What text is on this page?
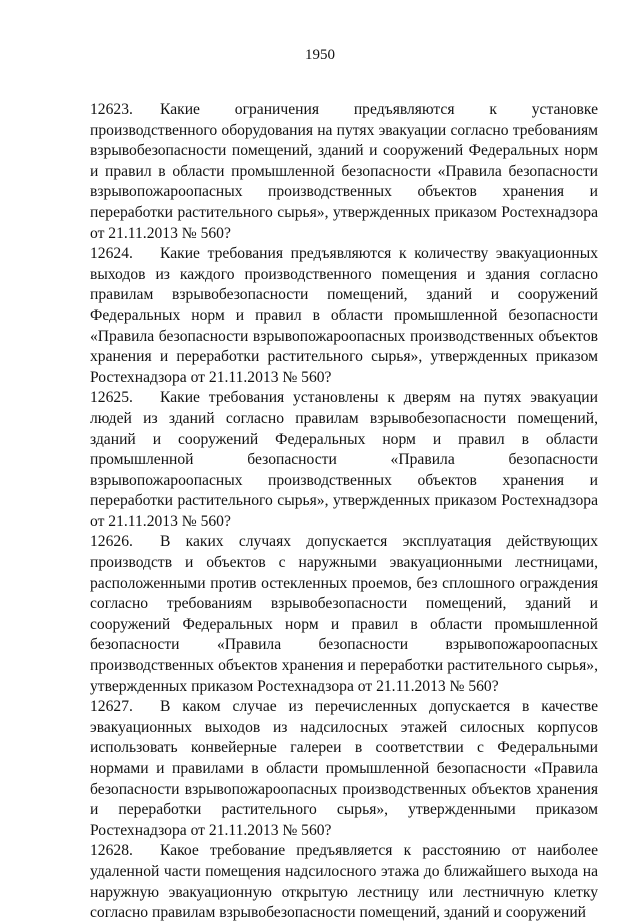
1950

12623. Какие ограничения предъявляются к установке производственного оборудования на путях эвакуации согласно требованиям взрывобезопасности помещений, зданий и сооружений Федеральных норм и правил в области промышленной безопасности «Правила безопасности взрывопожароопасных производственных объектов хранения и переработки растительного сырья», утвержденных приказом Ростехнадзора от 21.11.2013 № 560?

12624. Какие требования предъявляются к количеству эвакуационных выходов из каждого производственного помещения и здания согласно правилам взрывобезопасности помещений, зданий и сооружений Федеральных норм и правил в области промышленной безопасности «Правила безопасности взрывопожароопасных производственных объектов хранения и переработки растительного сырья», утвержденных приказом Ростехнадзора от 21.11.2013 № 560?

12625. Какие требования установлены к дверям на путях эвакуации людей из зданий согласно правилам взрывобезопасности помещений, зданий и сооружений Федеральных норм и правил в области промышленной безопасности «Правила безопасности взрывопожароопасных производственных объектов хранения и переработки растительного сырья», утвержденных приказом Ростехнадзора от 21.11.2013 № 560?

12626. В каких случаях допускается эксплуатация действующих производств и объектов с наружными эвакуационными лестницами, расположенными против остекленных проемов, без сплошного ограждения согласно требованиям взрывобезопасности помещений, зданий и сооружений Федеральных норм и правил в области промышленной безопасности «Правила безопасности взрывопожароопасных производственных объектов хранения и переработки растительного сырья», утвержденных приказом Ростехнадзора от 21.11.2013 № 560?

12627. В каком случае из перечисленных допускается в качестве эвакуационных выходов из надсилосных этажей силосных корпусов использовать конвейерные галереи в соответствии с Федеральными нормами и правилами в области промышленной безопасности «Правила безопасности взрывопожароопасных производственных объектов хранения и переработки растительного сырья», утвержденными приказом Ростехнадзора от 21.11.2013 № 560?

12628. Какое требование предъявляется к расстоянию от наиболее удаленной части помещения надсилосного этажа до ближайшего выхода на наружную эвакуационную открытую лестницу или лестничную клетку согласно правилам взрывобезопасности помещений, зданий и сооружений
